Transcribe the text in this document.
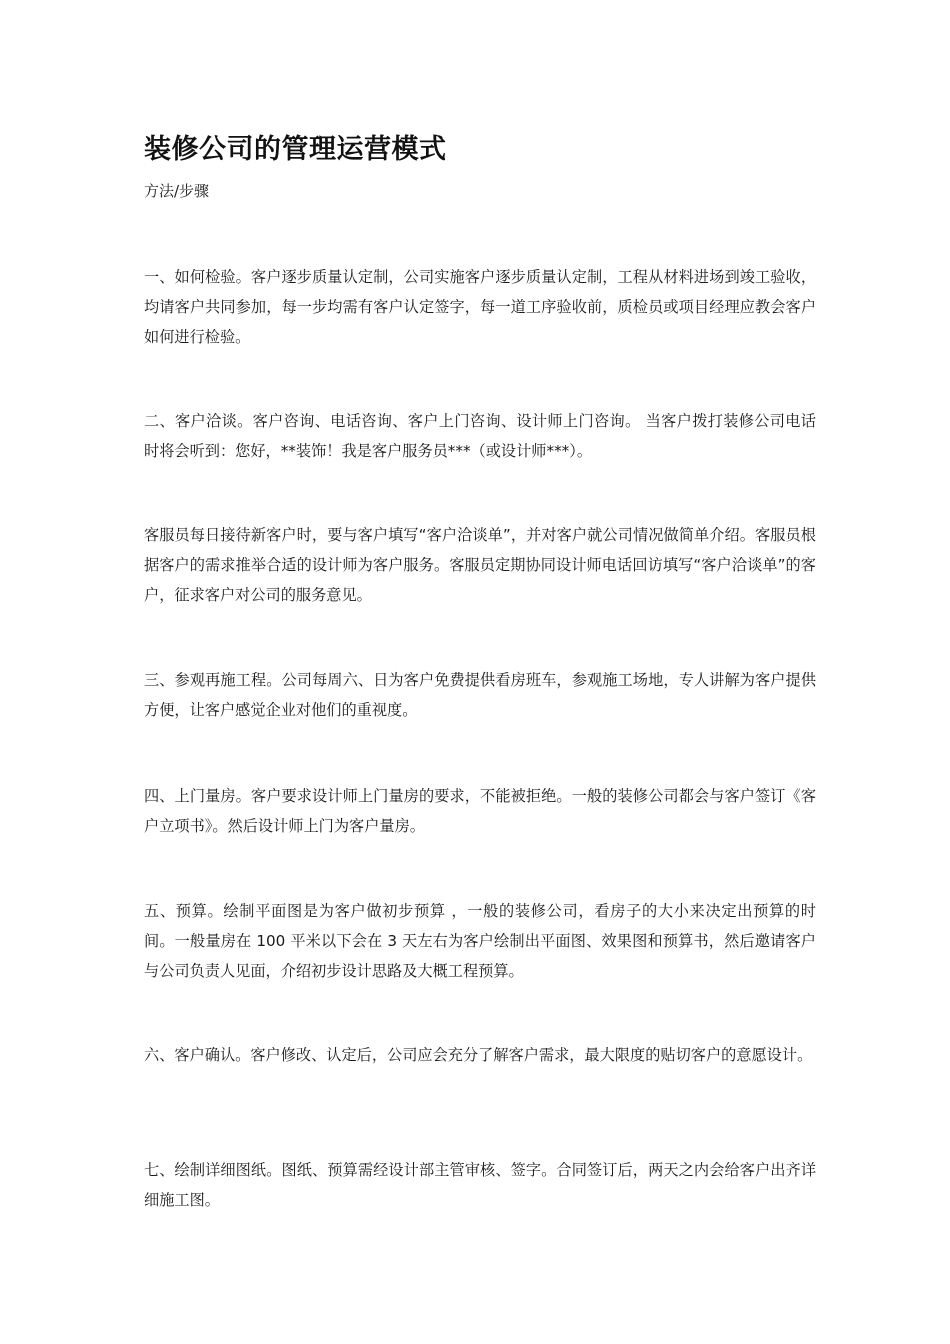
装修公司的管理运营模式
方法/步骤

一、如何检验。客户逐步质量认定制，公司实施客户逐步质量认定制，工程从材料进场到竣工验收，均请客户共同参加，每一步均需有客户认定签字，每一道工序验收前，质检员或项目经理应教会客户如何进行检验。

二、客户洽谈。客户咨询、电话咨询、客户上门咨询、设计师上门咨询。 当客户拨打装修公司电话时将会听到：您好，**装饰！我是客户服务员***（或设计师***）。

客服员每日接待新客户时，要与客户填写“客户洽谈单”，并对客户就公司情况做简单介绍。客服员根据客户的需求推举合适的设计师为客户服务。客服员定期协同设计师电话回访填写“客户洽谈单”的客户，征求客户对公司的服务意见。

三、参观再施工程。公司每周六、日为客户免费提供看房班车，参观施工场地，专人讲解为客户提供方便，让客户感觉企业对他们的重视度。

四、上门量房。客户要求设计师上门量房的要求，不能被拒绝。一般的装修公司都会与客户签订《客户立项书》。然后设计师上门为客户量房。

五、预算。绘制平面图是为客户做初步预算 ，一般的装修公司，看房子的大小来决定出预算的时间。一般量房在 100 平米以下会在 3 天左右为客户绘制出平面图、效果图和预算书，然后邀请客户与公司负责人见面，介绍初步设计思路及大概工程预算。

六、客户确认。客户修改、认定后，公司应会充分了解客户需求，最大限度的贴切客户的意愿设计。

七、绘制详细图纸。图纸、预算需经设计部主管审核、签字。合同签订后，两天之内会给客户出齐详细施工图。
